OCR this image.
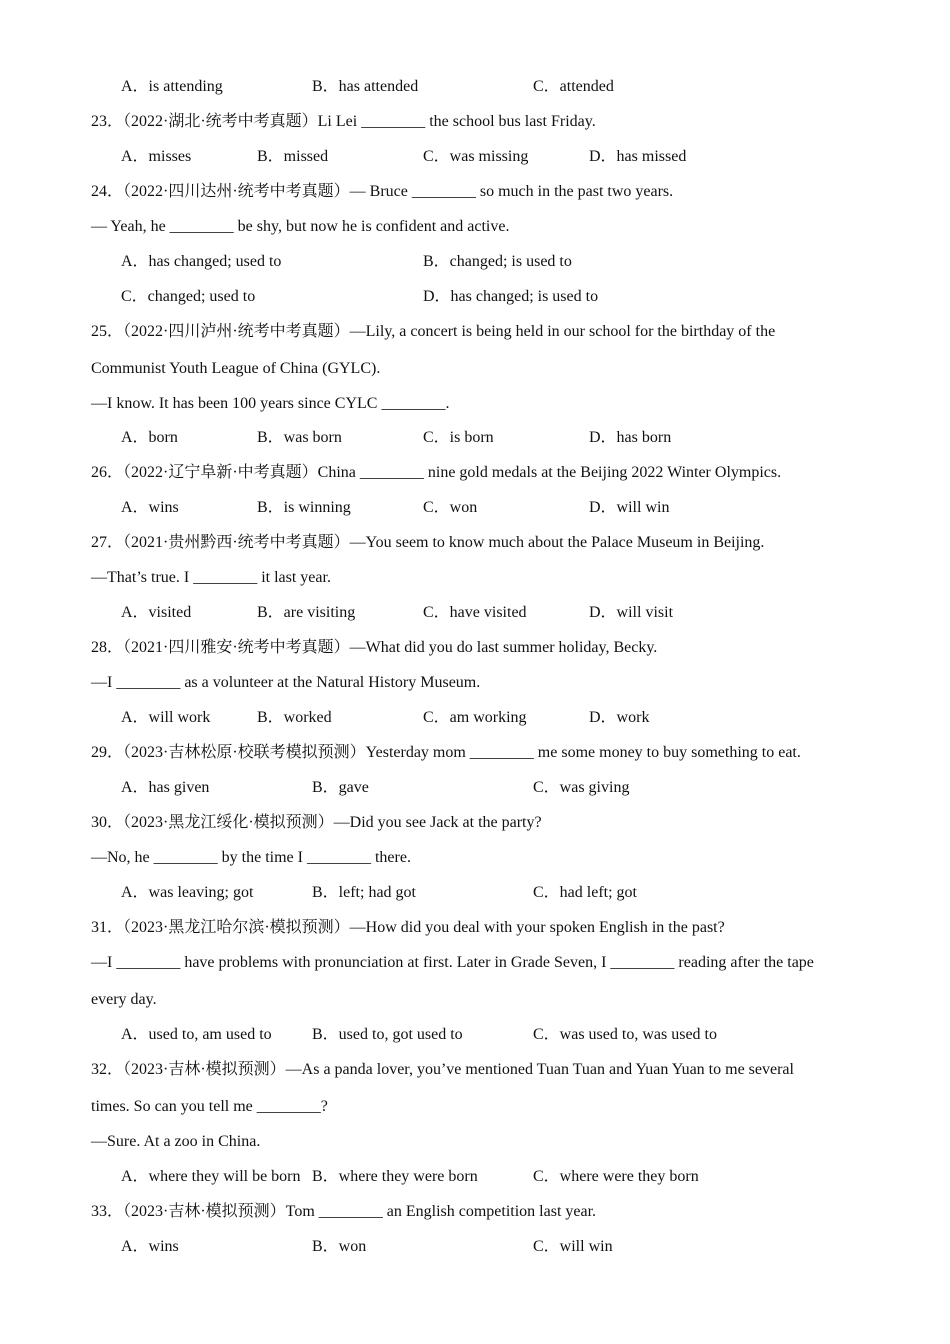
A．is attending	B．has attended	C．attended
23．（2022·湖北·统考中考真题）Li Lei ________ the school bus last Friday.
A．misses	B．missed	C．was missing	D．has missed
24．（2022·四川达州·统考中考真题）— Bruce ________ so much in the past two years.
— Yeah, he ________ be shy, but now he is confident and active.
A．has changed; used to	B．changed; is used to
C．changed; used to	D．has changed; is used to
25．（2022·四川泸州·统考中考真题）—Lily, a concert is being held in our school for the birthday of the
Communist Youth League of China (GYLC).
—I know. It has been 100 years since CYLC ________.
A．born	B．was born	C．is born	D．has born
26．（2022·辽宁阜新·中考真题）China ________ nine gold medals at the Beijing 2022 Winter Olympics.
A．wins	B．is winning	C．won	D．will win
27．（2021·贵州黔西·统考中考真题）—You seem to know much about the Palace Museum in Beijing.
—That’s true. I ________ it last year.
A．visited	B．are visiting	C．have visited	D．will visit
28．（2021·四川雅安·统考中考真题）—What did you do last summer holiday, Becky.
—I ________ as a volunteer at the Natural History Museum.
A．will work	B．worked	C．am working	D．work
29．（2023·吉林松原·校联考模拟预测）Yesterday mom ________ me some money to buy something to eat.
A．has given	B．gave	C．was giving
30．（2023·黑龙江绥化·模拟预测）—Did you see Jack at the party?
—No, he ________ by the time I ________ there.
A．was leaving; got	B．left; had got	C．had left; got
31．（2023·黑龙江哈尔滨·模拟预测）—How did you deal with your spoken English in the past?
—I ________ have problems with pronunciation at first. Later in Grade Seven, I ________ reading after the tape
every day.
A．used to, am used to	B．used to, got used to	C．was used to, was used to
32．（2023·吉林·模拟预测）—As a panda lover, you’ve mentioned Tuan Tuan and Yuan Yuan to me several
times. So can you tell me ________?
—Sure. At a zoo in China.
A．where they will be born B．where they were born	C．where were they born
33．（2023·吉林·模拟预测）Tom ________ an English competition last year.
A．wins	B．won	C．will win
